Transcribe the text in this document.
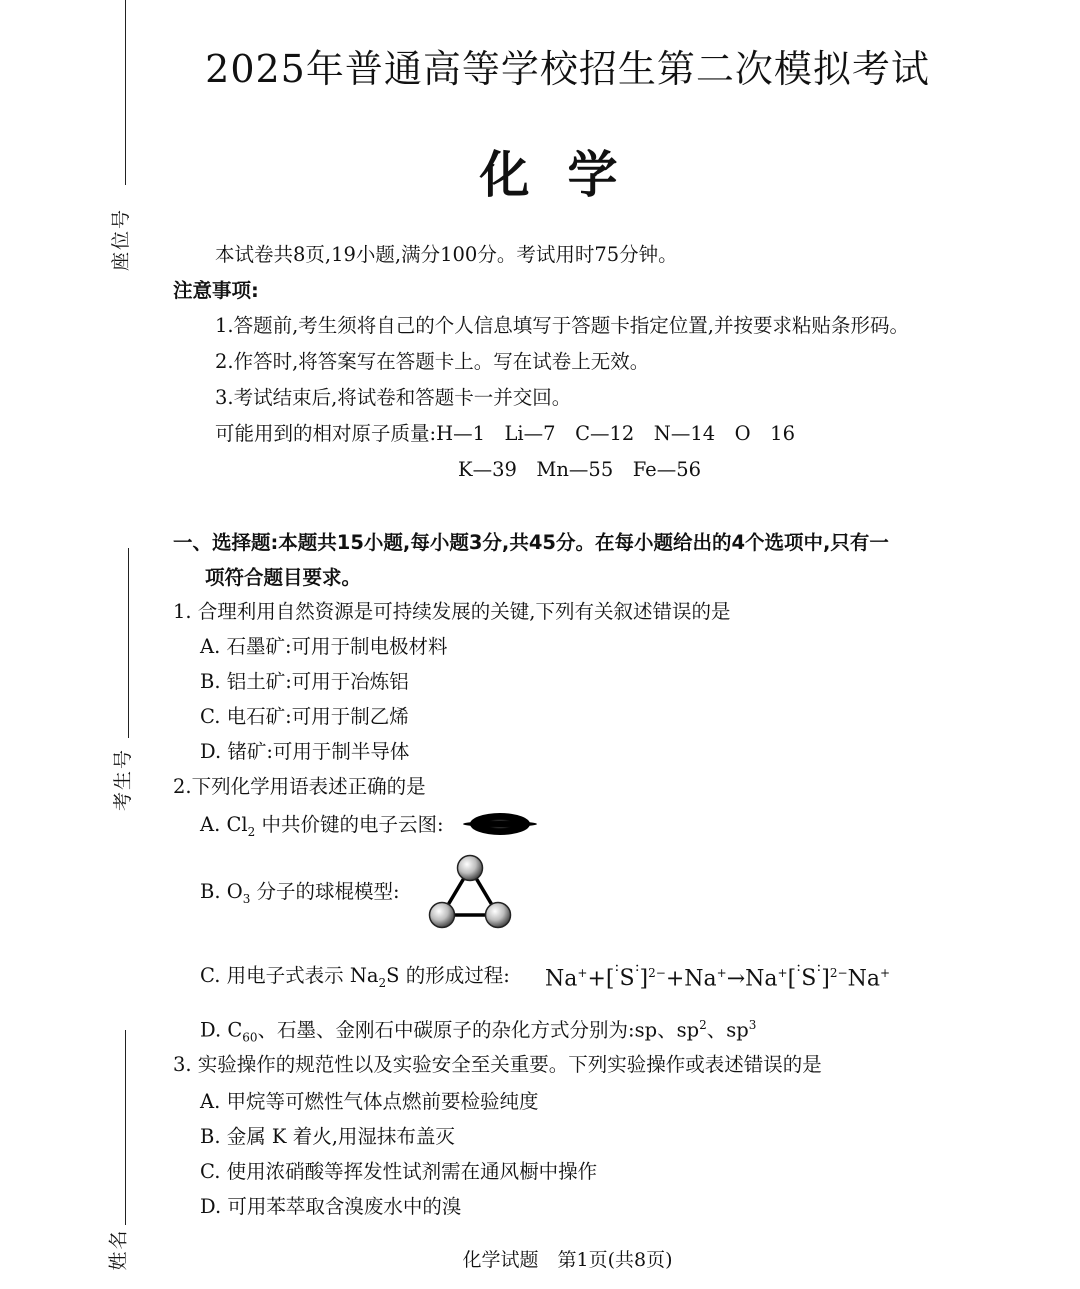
座位号
考生号
姓名
2025年普通高等学校招生第二次模拟考试
化学
本试卷共8页,19小题,满分100分。考试用时75分钟。
注意事项:
1.答题前,考生须将自己的个人信息填写于答题卡指定位置,并按要求粘贴条形码。
2.作答时,将答案写在答题卡上。写在试卷上无效。
3.考试结束后,将试卷和答题卡一并交回。
可能用到的相对原子质量:H—1　Li—7　C—12　N—14　O　16
K—39　Mn—55　Fe—56
一、选择题:本题共15小题,每小题3分,共45分。在每小题给出的4个选项中,只有一
项符合题目要求。
1. 合理利用自然资源是可持续发展的关键,下列有关叙述错误的是
A. 石墨矿:可用于制电极材料
B. 铝土矿:可用于冶炼铝
C. 电石矿:可用于制乙烯
D. 锗矿:可用于制半导体
2.下列化学用语表述正确的是
A. $Cl_2$ 中共价键的电子云图:
B. $O_3$ 分子的球棍模型:
C. 用电子式表示 $Na_2S$ 的形成过程: Na++[ : S : ]$^{2-}$+Na+→Na+[ : S : ]$^{2-}$Na+
D. $C_{60}$、石墨、金刚石中碳原子的杂化方式分别为:sp、$sp^2$、$sp^3$
3. 实验操作的规范性以及实验安全至关重要。下列实验操作或表述错误的是
A. 甲烷等可燃性气体点燃前要检验纯度
B. 金属 K 着火,用湿抹布盖灭
C. 使用浓硝酸等挥发性试剂需在通风橱中操作
D. 可用苯萃取含溴废水中的溴
化学试题　第1页(共8页)
